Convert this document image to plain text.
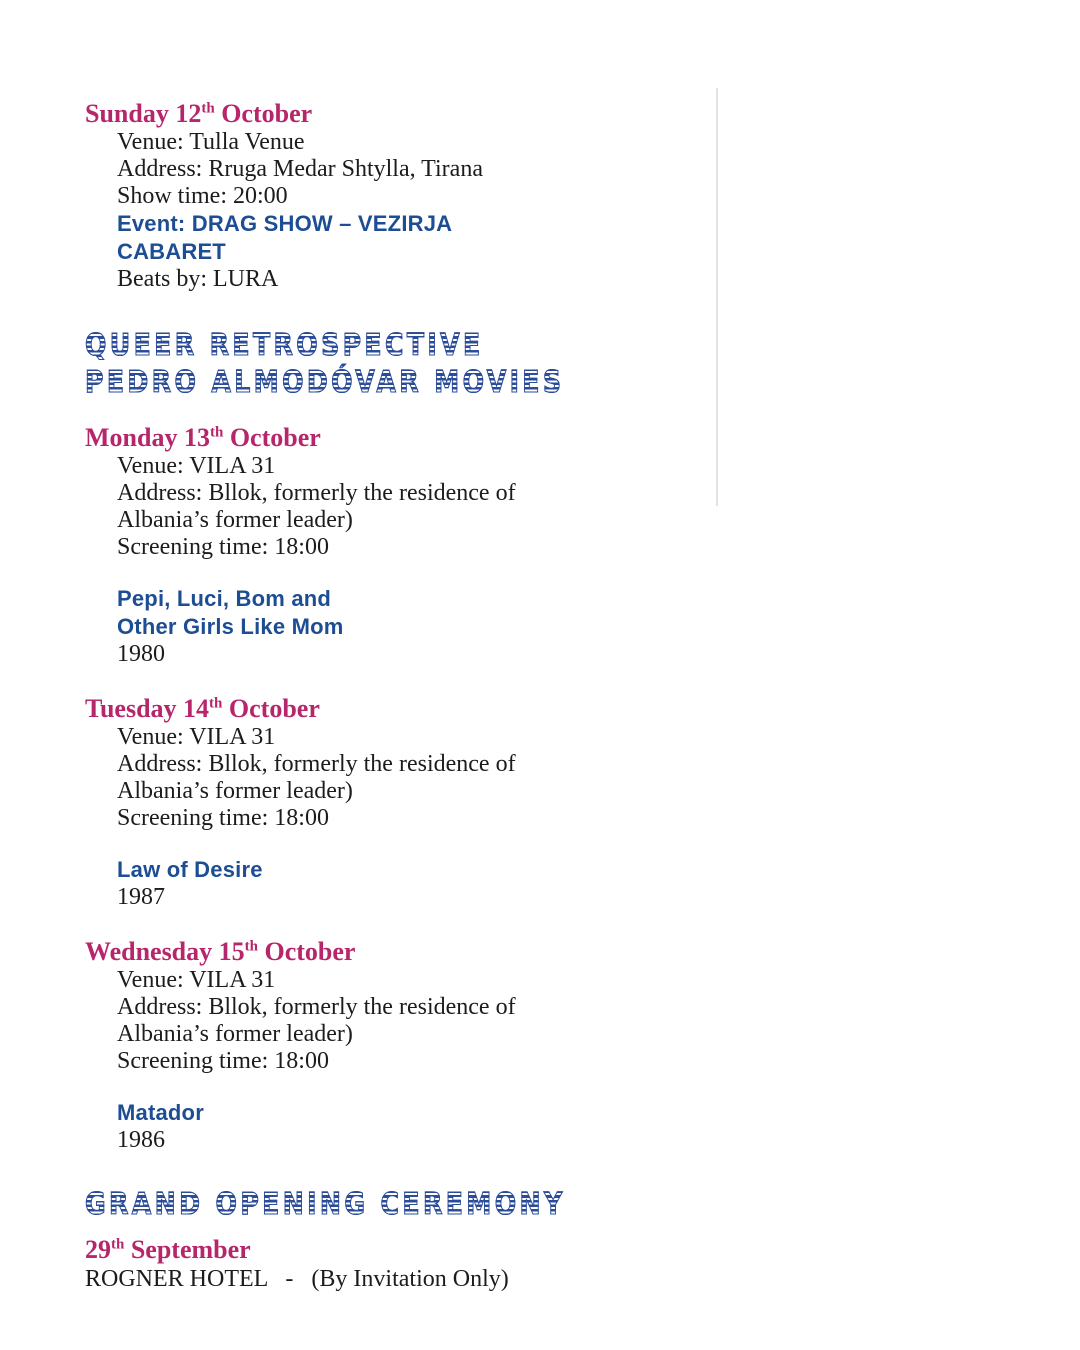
Sunday 12th October
Venue: Tulla Venue
Address: Rruga Medar Shtylla, Tirana
Show time: 20:00
Event: DRAG SHOW – VEZIRJA
CABARET
Beats by: LURA
QUEER RETROSPECTIVE
PEDRO ALMODÓVAR MOVIES
Monday 13th October
Venue: VILA 31
Address: Bllok, formerly the residence of
Albania’s former leader)
Screening time: 18:00
Pepi, Luci, Bom and
Other Girls Like Mom
1980
Tuesday 14th October
Venue: VILA 31
Address: Bllok, formerly the residence of
Albania’s former leader)
Screening time: 18:00
Law of Desire
1987
Wednesday 15th October
Venue: VILA 31
Address: Bllok, formerly the residence of
Albania’s former leader)
Screening time: 18:00
Matador
1986
GRAND OPENING CEREMONY
29th September
ROGNER HOTEL   -   (By Invitation Only)
